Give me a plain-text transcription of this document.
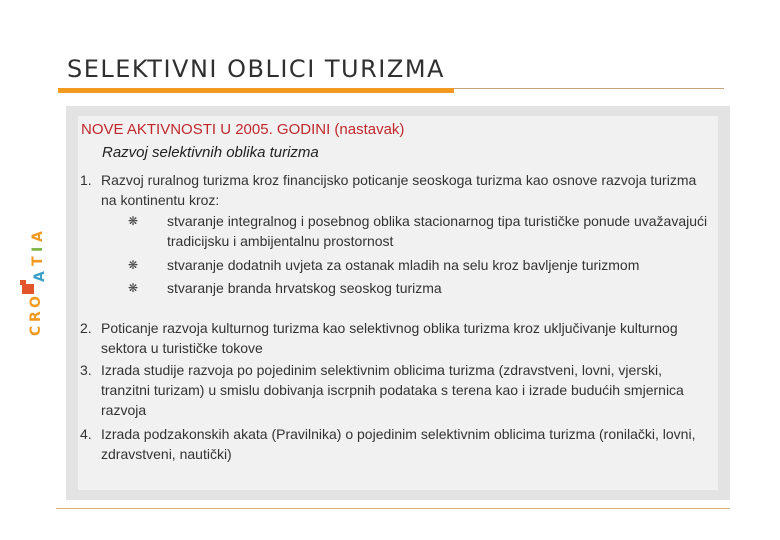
SELEKTIVNI OBLICI TURIZMA
C
R
O
A
T
I
A
NOVE AKTIVNOSTI U 2005. GODINI (nastavak)
Razvoj selektivnih oblika turizma
1. Razvoj ruralnog turizma kroz financijsko poticanje seoskoga turizma kao osnove razvoja turizma na kontinentu kroz:
❋	stvaranje integralnog i posebnog oblika stacionarnog tipa turističke ponude uvažavajući tradicijsku i ambijentalnu prostornost
❋	stvaranje dodatnih uvjeta za ostanak mladih na selu kroz bavljenje turizmom
❋	stvaranje branda hrvatskog seoskog turizma
2. Poticanje razvoja kulturnog turizma kao selektivnog oblika turizma kroz uključivanje kulturnog sektora u turističke tokove
3. Izrada studije razvoja po pojedinim selektivnim oblicima turizma (zdravstveni, lovni, vjerski, tranzitni turizam) u smislu dobivanja iscrpnih podataka s terena kao i izrade budućih smjernica razvoja
4. Izrada podzakonskih akata (Pravilnika) o pojedinim selektivnim oblicima turizma (ronilački, lovni, zdravstveni, nautički)
